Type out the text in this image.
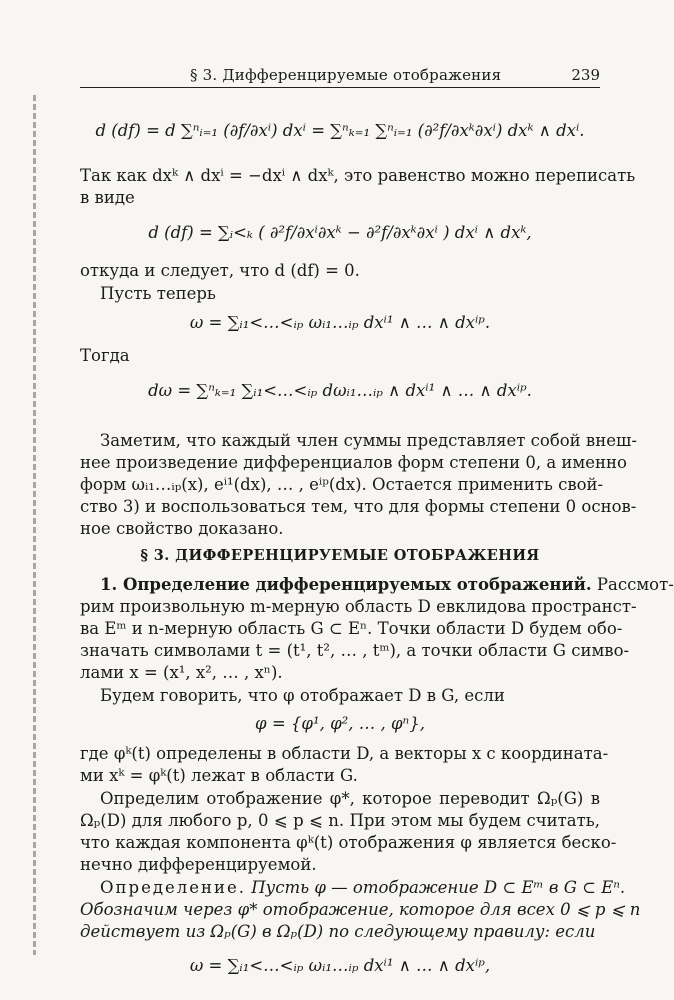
§ 3. Дифференцируемые отображения	239
d (df) = d ∑ⁿᵢ₌₁ (∂f/∂xⁱ) dxⁱ = ∑ⁿₖ₌₁ ∑ⁿᵢ₌₁ (∂²f/∂xᵏ∂xⁱ) dxᵏ ∧ dxⁱ.
Так как dxᵏ ∧ dxⁱ = −dxⁱ ∧ dxᵏ, это равенство можно переписать
в виде
d (df) = ∑ᵢ<ₖ ( ∂²f/∂xⁱ∂xᵏ − ∂²f/∂xᵏ∂xⁱ ) dxⁱ ∧ dxᵏ,
откуда и следует, что d (df) = 0.
Пусть теперь
ω = ∑ᵢ₁<…<ᵢₚ ωᵢ₁…ᵢₚ dxⁱ¹ ∧ … ∧ dxⁱᵖ.
Тогда
dω = ∑ⁿₖ₌₁ ∑ᵢ₁<…<ᵢₚ dωᵢ₁…ᵢₚ ∧ dxⁱ¹ ∧ … ∧ dxⁱᵖ.
Заметим, что каждый член суммы представляет собой внеш-
нее произведение дифференциалов форм степени 0, а именно
форм ωᵢ₁…ᵢₚ(x), eⁱ¹(dx), … , eⁱᵖ(dx). Остается применить свой-
ство 3) и воспользоваться тем, что для формы степени 0 основ-
ное свойство доказано.
§ 3. ДИФФЕРЕНЦИРУЕМЫЕ ОТОБРАЖЕНИЯ
1. Определение дифференцируемых отображений. Рассмот-
рим произвольную m-мерную область D евклидова пространст-
ва Eᵐ и n-мерную область G ⊂ Eⁿ. Точки области D будем обо-
значать символами t = (t¹, t², … , tᵐ), а точки области G симво-
лами x = (x¹, x², … , xⁿ).
Будем говорить, что φ отображает D в G, если
φ = {φ¹, φ², … , φⁿ},
где φᵏ(t) определены в области D, а векторы x с координата-
ми xᵏ = φᵏ(t) лежат в области G.
Определим отображение φ*, которое переводит Ωₚ(G) в
Ωₚ(D) для любого p, 0 ⩽ p ⩽ n. При этом мы будем считать,
что каждая компонента φᵏ(t) отображения φ является беско-
нечно дифференцируемой.
Определение. Пусть φ — отображение D ⊂ Eᵐ в G ⊂ Eⁿ.
Обозначим через φ* отображение, которое для всех 0 ⩽ p ⩽ n
действует из Ωₚ(G) в Ωₚ(D) по следующему правилу: если
ω = ∑ᵢ₁<…<ᵢₚ ωᵢ₁…ᵢₚ dxⁱ¹ ∧ … ∧ dxⁱᵖ,
